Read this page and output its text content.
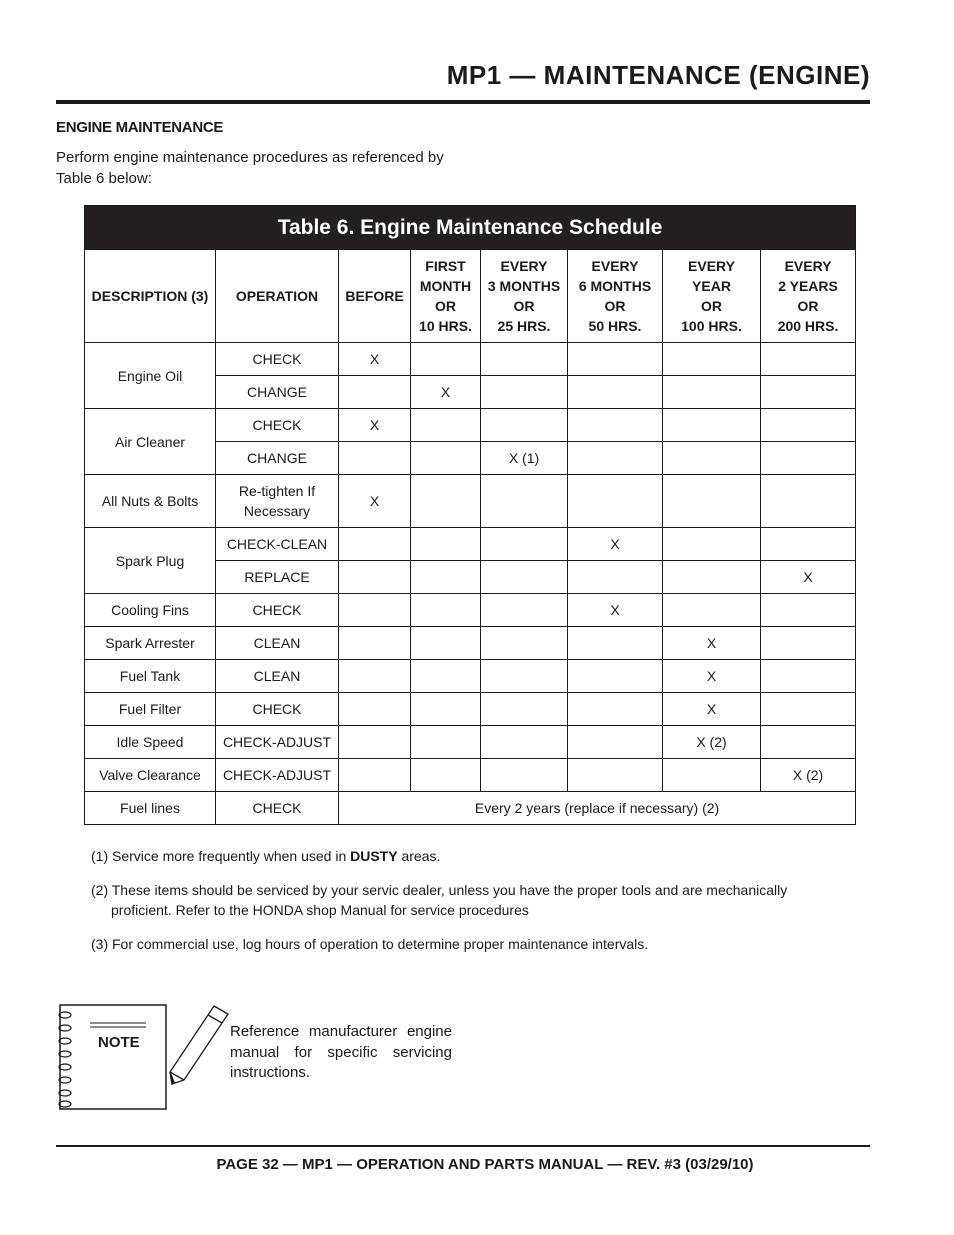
MP1 — MAINTENANCE (ENGINE)
ENGINE MAINTENANCE
Perform engine maintenance procedures as referenced by
Table 6 below:
Table 6. Engine Maintenance Schedule							
DESCRIPTION (3)	OPERATION	BEFORE	FIRST
MONTH
OR
10 HRS.	EVERY
3 MONTHS
OR
25 HRS.	EVERY
6 MONTHS
OR
50 HRS.	EVERY
YEAR
OR
100 HRS.	EVERY
2 YEARS
OR
200 HRS.
Engine Oil	CHECK	X					
	CHANGE		X				
Air Cleaner	CHECK	X					
	CHANGE			X (1)			
All Nuts & Bolts	Re-tighten If
Necessary	X					
Spark Plug	CHECK-CLEAN				X		
	REPLACE						X
Cooling Fins	CHECK				X		
Spark Arrester	CLEAN					X	
Fuel Tank	CLEAN					X	
Fuel Filter	CHECK					X	
Idle Speed	CHECK-ADJUST					X (2)	
Valve Clearance	CHECK-ADJUST						X (2)
Fuel lines	CHECK	Every 2 years (replace if necessary) (2)					

(1) Service more frequently when used in DUSTY areas.

(2) These items should be serviced by your servic dealer, unless you have the proper tools and are mechanically
proficient. Refer to the HONDA shop Manual for service procedures

(3) For commercial use, log hours of operation to determine proper maintenance intervals.

NOTE
Reference manufacturer engine manual for specific servicing instructions.
PAGE 32 — MP1 — OPERATION AND PARTS MANUAL — REV. #3 (03/29/10)
